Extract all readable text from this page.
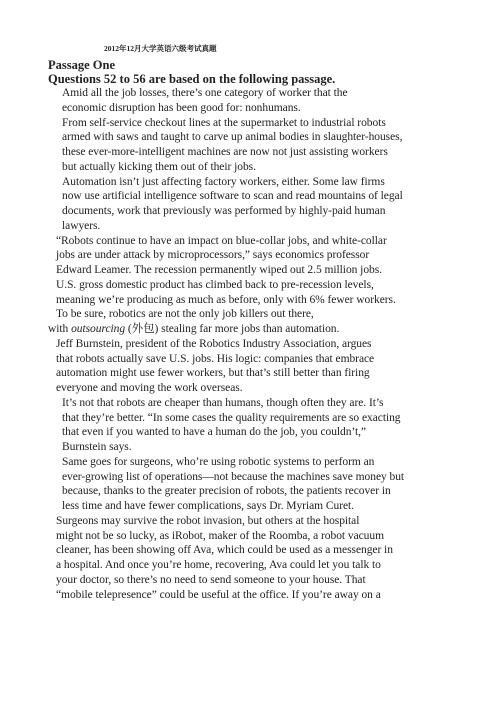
2012年12月大学英语六级考试真题
Passage One
Questions 52 to 56 are based on the following passage.

Amid all the job losses, there’s one category of worker that the
economic disruption has been good for: nonhumans.

From self-service checkout lines at the supermarket to industrial robots
armed with saws and taught to carve up animal bodies in slaughter-houses,
these ever-more-intelligent machines are now not just assisting workers
but actually kicking them out of their jobs.

Automation isn’t just affecting factory workers, either. Some law firms
now use artificial intelligence software to scan and read mountains of legal
documents, work that previously was performed by highly-paid human
lawyers.

“Robots continue to have an impact on blue-collar jobs, and white-collar
jobs are under attack by microprocessors,” says economics professor
Edward Leamer. The recession permanently wiped out 2.5 million jobs.
U.S. gross domestic product has climbed back to pre-recession levels,
meaning we’re producing as much as before, only with 6% fewer workers.
To be sure, robotics are not the only job killers out there,

with outsourcing (外包) stealing far more jobs than automation.

Jeff Burnstein, president of the Robotics Industry Association, argues
that robots actually save U.S. jobs. His logic: companies that embrace
automation might use fewer workers, but that’s still better than firing
everyone and moving the work overseas.

It’s not that robots are cheaper than humans, though often they are. It’s
that they’re better. “In some cases the quality requirements are so exacting
that even if you wanted to have a human do the job, you couldn’t,”
Burnstein says.

Same goes for surgeons, who’re using robotic systems to perform an
ever-growing list of operations—not because the machines save money but
because, thanks to the greater precision of robots, the patients recover in
less time and have fewer complications, says Dr. Myriam Curet.

Surgeons may survive the robot invasion, but others at the hospital
might not be so lucky, as iRobot, maker of the Roomba, a robot vacuum
cleaner, has been showing off Ava, which could be used as a messenger in
a hospital. And once you’re home, recovering, Ava could let you talk to
your doctor, so there’s no need to send someone to your house. That
“mobile telepresence” could be useful at the office. If you’re away on a
